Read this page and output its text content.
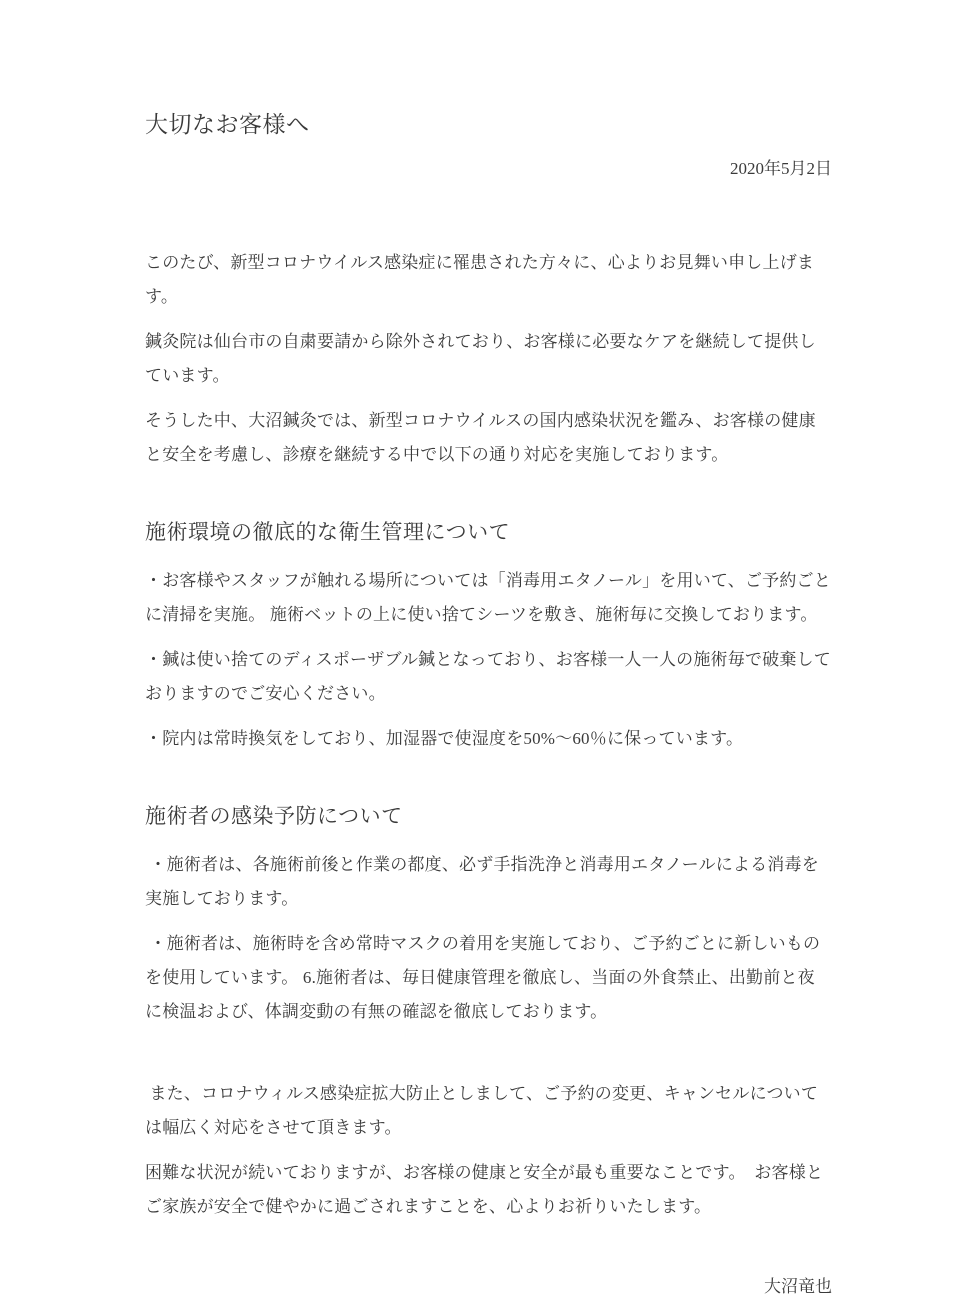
大切なお客様へ
2020年5月2日

このたび、新型コロナウイルス感染症に罹患された方々に、心よりお見舞い申し上げます。

鍼灸院は仙台市の自粛要請から除外されており、お客様に必要なケアを継続して提供しています。

そうした中、大沼鍼灸では、新型コロナウイルスの国内感染状況を鑑み、お客様の健康と安全を考慮し、診療を継続する中で以下の通り対応を実施しております。

施術環境の徹底的な衛生管理について

・お客様やスタッフが触れる場所については「消毒用エタノール」を用いて、ご予約ごとに清掃を実施。 施術ベットの上に使い捨てシーツを敷き、施術毎に交換しております。

・鍼は使い捨てのディスポーザブル鍼となっており、お客様一人一人の施術毎で破棄しておりますのでご安心ください。

・院内は常時換気をしており、加湿器で使湿度を50%〜60％に保っています。

施術者の感染予防について

・施術者は、各施術前後と作業の都度、必ず手指洗浄と消毒用エタノールによる消毒を実施しております。

・施術者は、施術時を含め常時マスクの着用を実施しており、ご予約ごとに新しいものを使用しています。 6.施術者は、毎日健康管理を徹底し、当面の外食禁止、出勤前と夜に検温および、体調変動の有無の確認を徹底しております。

また、コロナウィルス感染症拡大防止としまして、ご予約の変更、キャンセルについては幅広く対応をさせて頂きます。

困難な状況が続いておりますが、お客様の健康と安全が最も重要なことです。　お客様とご家族が安全で健やかに過ごされますことを、心よりお祈りいたします。

大沼竜也
